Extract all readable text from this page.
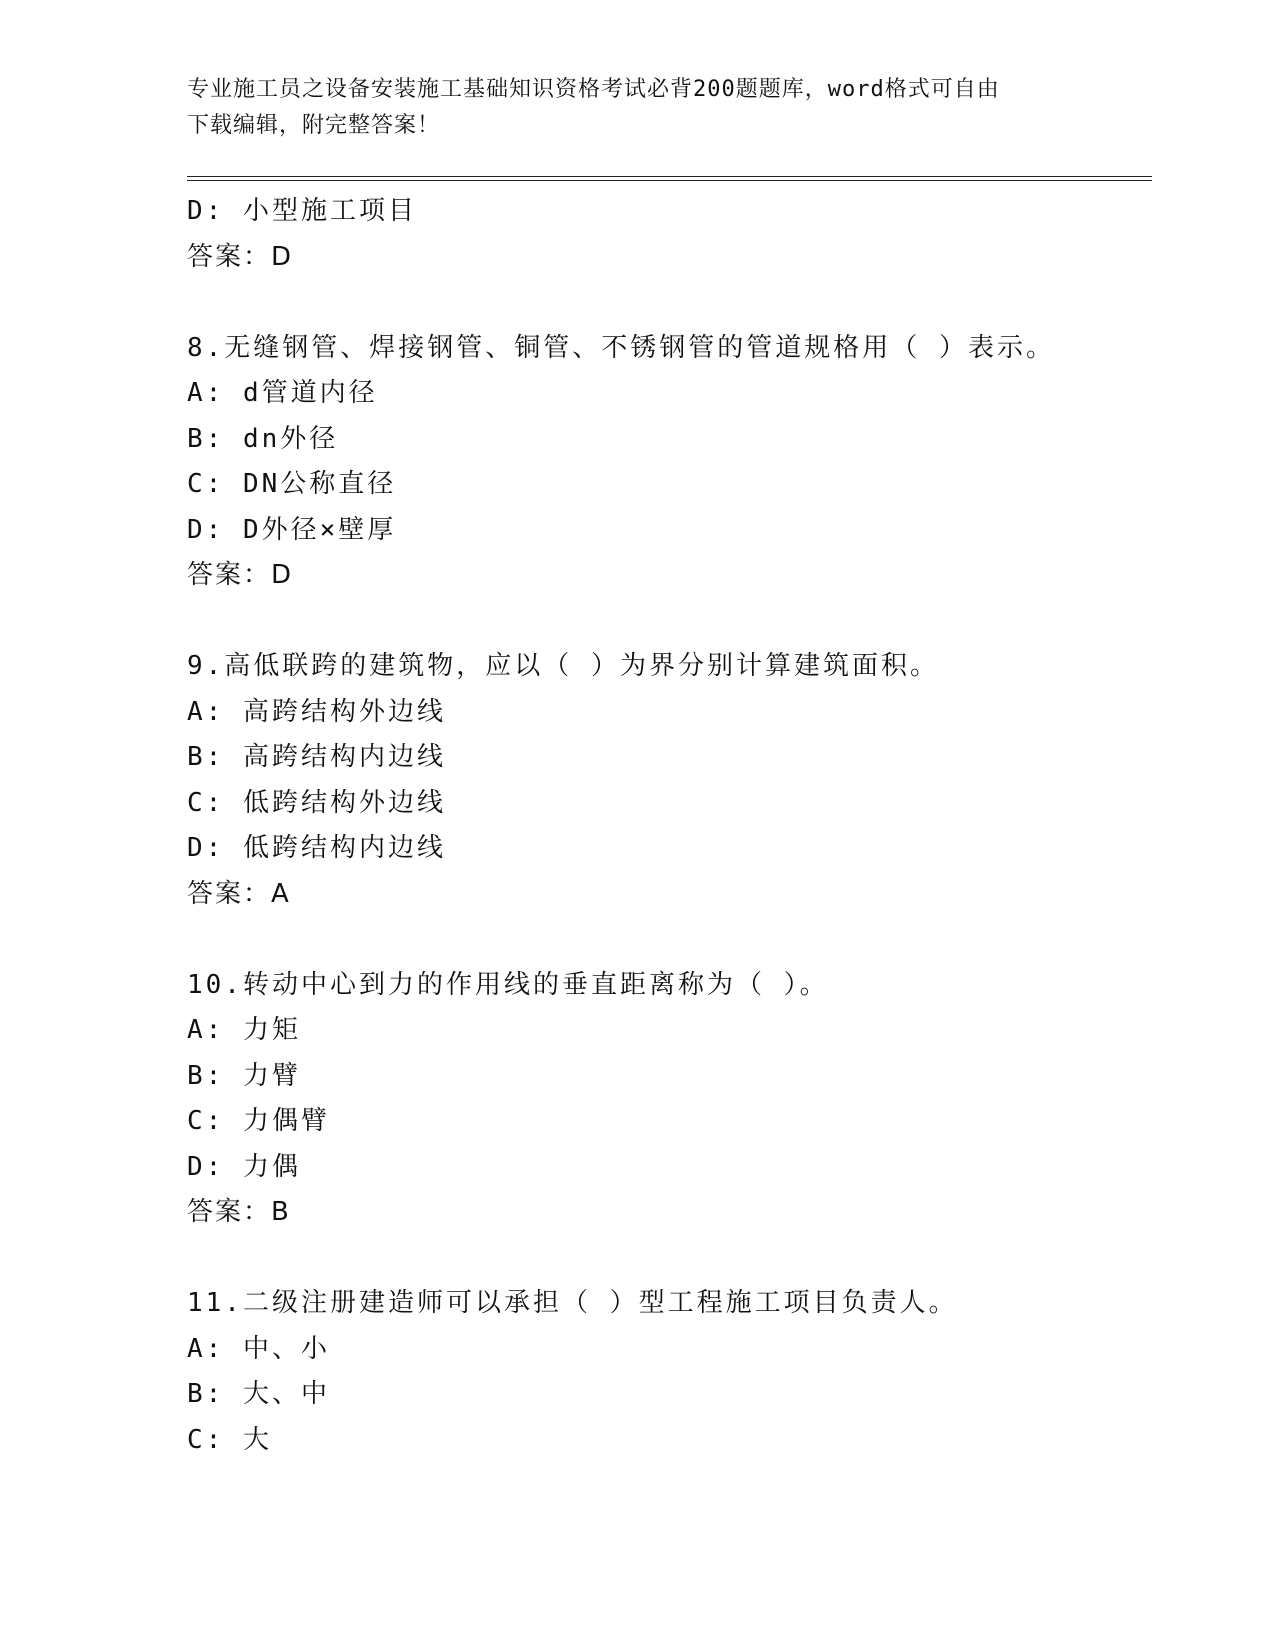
专业施工员之设备安装施工基础知识资格考试必背200题题库，word格式可自由
下载编辑，附完整答案！
D: 小型施工项目
答案：D
8.无缝钢管、焊接钢管、铜管、不锈钢管的管道规格用（ ）表示。
A: d管道内径
B: dn外径
C: DN公称直径
D: D外径×壁厚
答案：D
9.高低联跨的建筑物，应以（ ）为界分别计算建筑面积。
A: 高跨结构外边线
B: 高跨结构内边线
C: 低跨结构外边线
D: 低跨结构内边线
答案：A
10.转动中心到力的作用线的垂直距离称为（ ）。
A: 力矩
B: 力臂
C: 力偶臂
D: 力偶
答案：B
11.二级注册建造师可以承担（ ）型工程施工项目负责人。
A: 中、小
B: 大、中
C: 大
